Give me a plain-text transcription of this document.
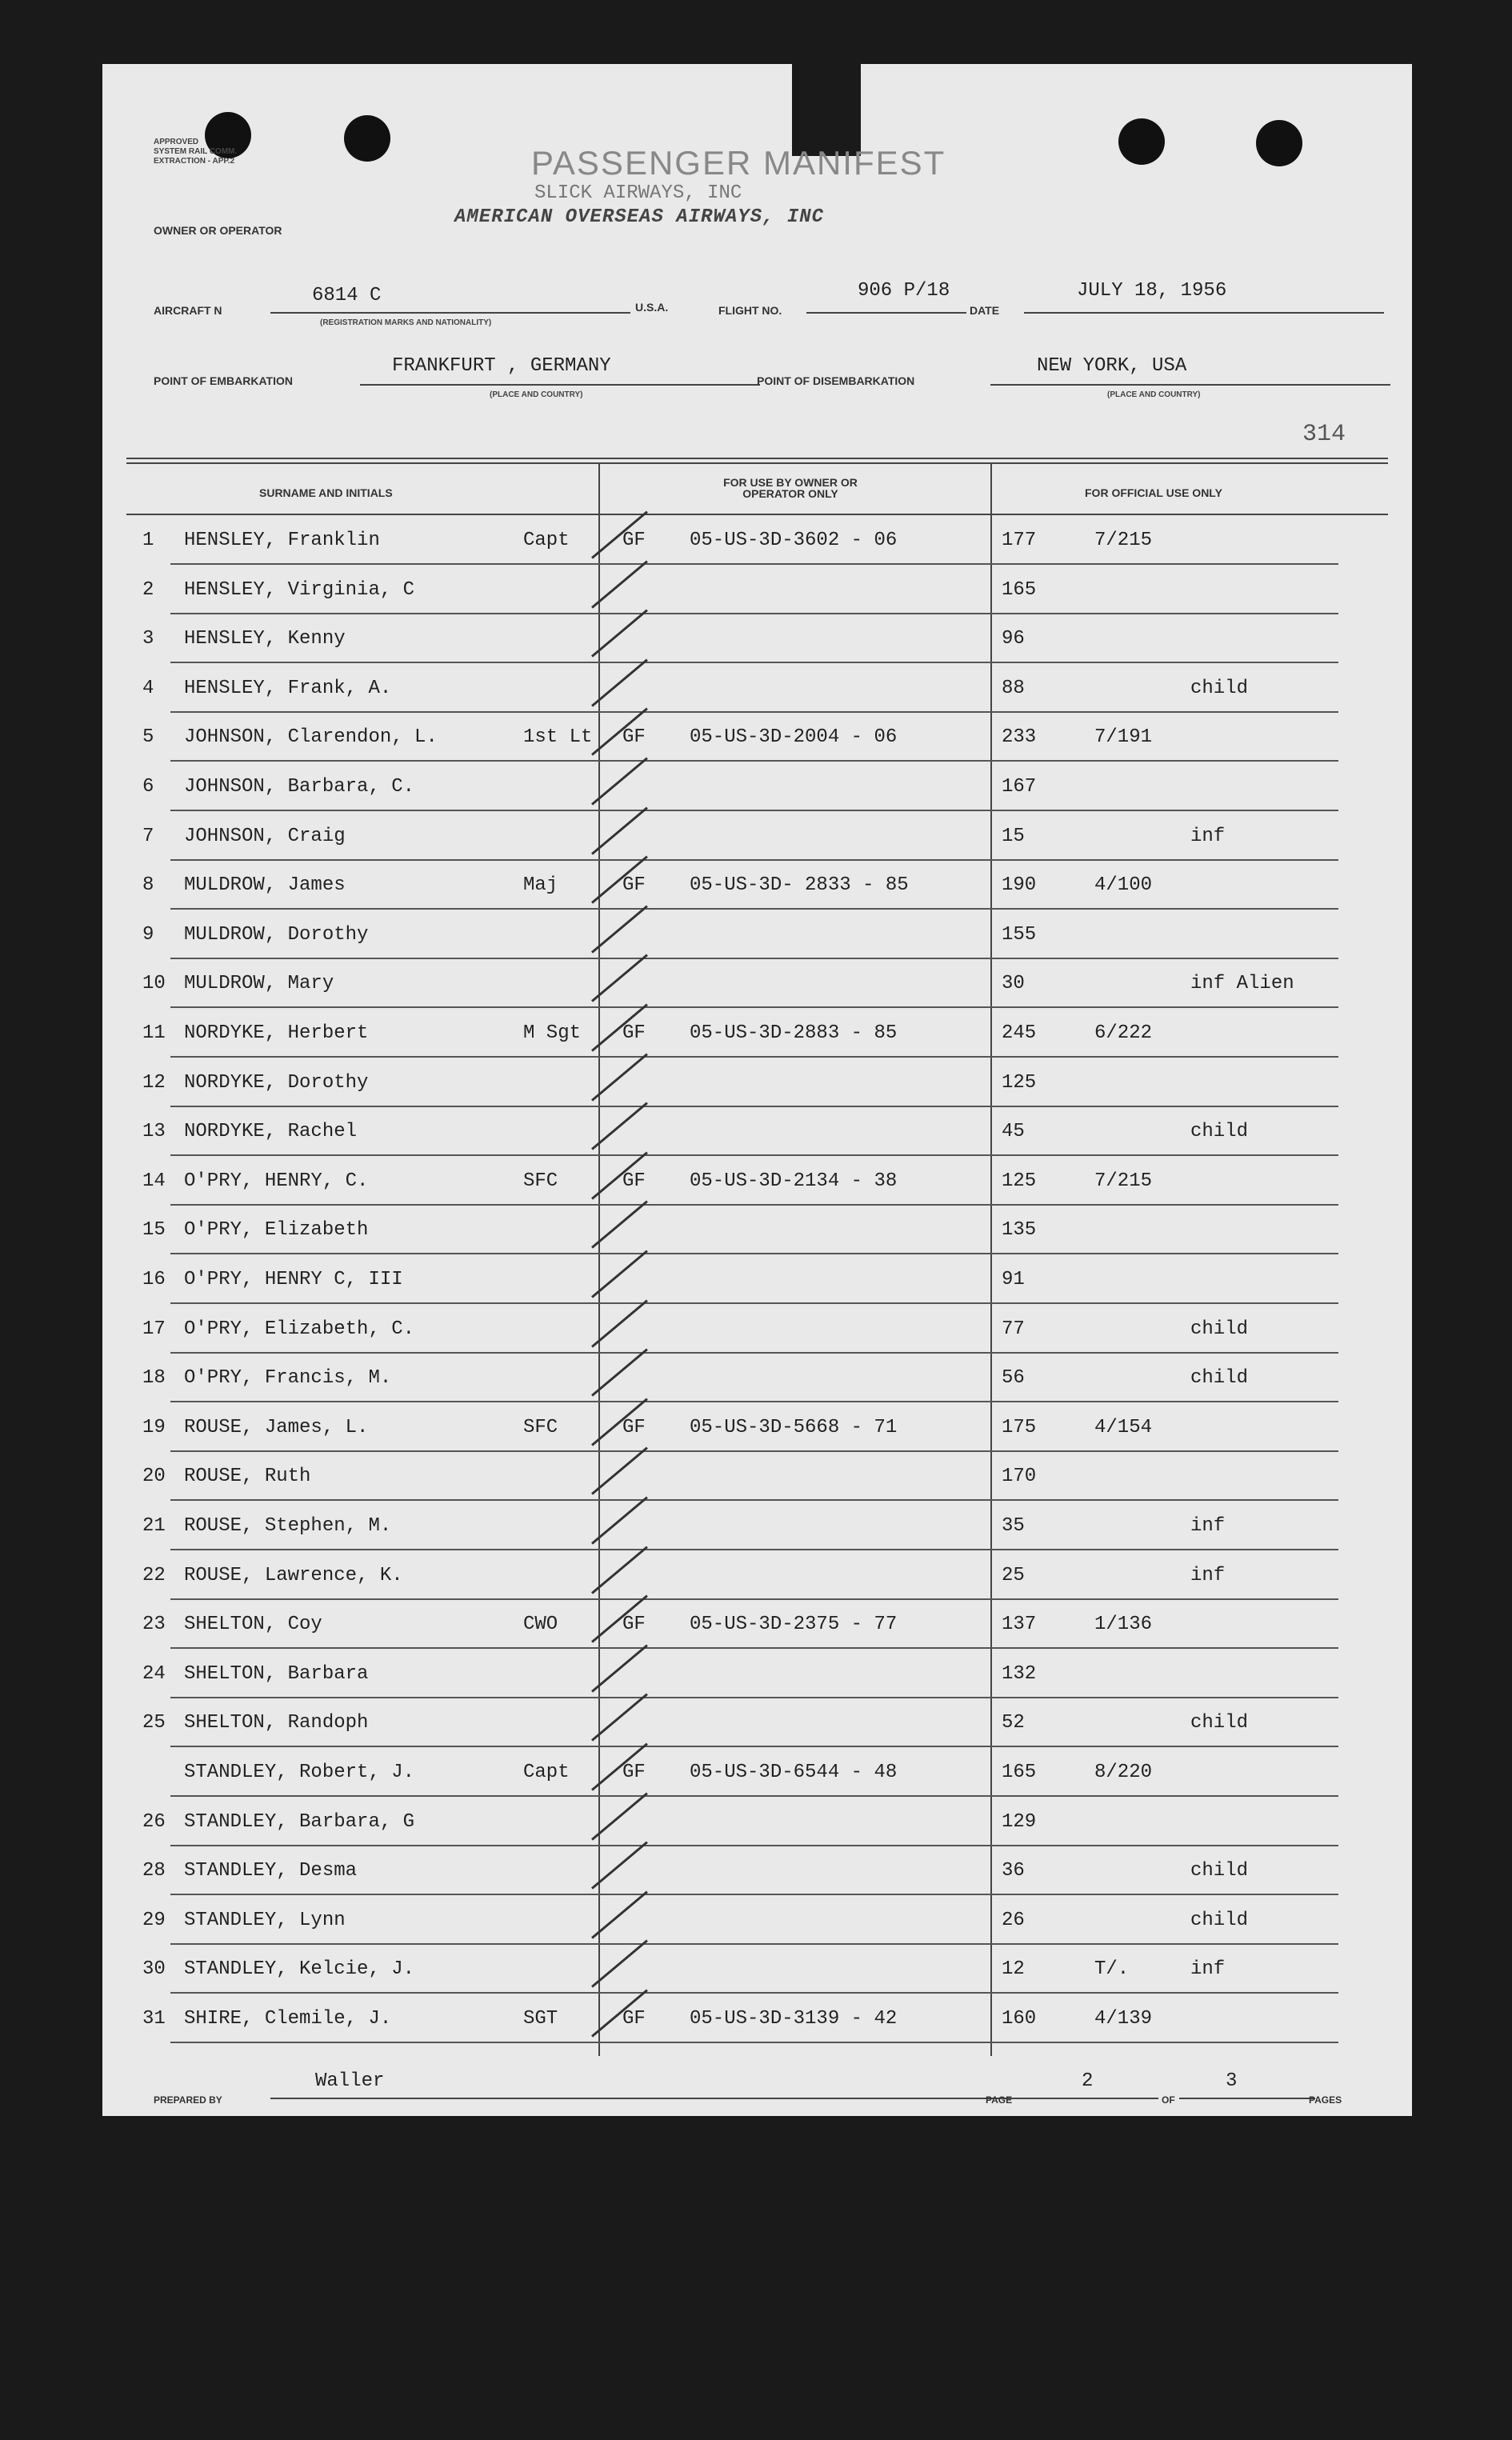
APPROVED
SYSTEM RAIL COMM.
EXTRACTION - APP.2
OWNER OR OPERATOR
PASSENGER MANIFEST
SLICK AIRWAYS, INC
AMERICAN OVERSEAS AIRWAYS, INC
AIRCRAFT N
6814 C
(REGISTRATION MARKS AND NATIONALITY)
U.S.A.	FLIGHT NO.
906 P/18
DATE
JULY 18, 1956
POINT OF EMBARKATION
FRANKFURT , GERMANY
(PLACE AND COUNTRY)
POINT OF DISEMBARKATION
NEW YORK, USA
(PLACE AND COUNTRY)
314
SURNAME AND INITIALS
FOR USE BY OWNER OR OPERATOR ONLY	FOR OFFICIAL USE ONLY
1 HENSLEY, Franklin	Capt	GF 05-US-3D-3602 - 06	177	7/215
2 HENSLEY, Virginia, C	165
3 HENSLEY, Kenny	96
4 HENSLEY, Frank, A.	88	child
5 JOHNSON, Clarendon, L.	1st Lt GF 05-US-3D-2004 - 06	233	7/191
6 JOHNSON, Barbara, C.	167
7 JOHNSON, Craig	15	inf
8 MULDROW, James	Maj	GF 05-US-3D- 2833 - 85	190	4/100
9 MULDROW, Dorothy	155
10 MULDROW, Mary	30	inf Alien
11 NORDYKE, Herbert	M Sgt GF 05-US-3D-2883 - 85	245	6/222
12 NORDYKE, Dorothy	125
13 NORDYKE, Rachel	45	child
14 O'PRY, HENRY, C.	SFC	GF 05-US-3D-2134 - 38	125	7/215
15 O'PRY, Elizabeth	135
16 O'PRY, HENRY C, III	91
17 O'PRY, Elizabeth, C.	77	child
18 O'PRY, Francis, M.	56	child
19 ROUSE, James, L.	SFC	GF 05-US-3D-5668 - 71	175	4/154
20 ROUSE, Ruth	170
21 ROUSE, Stephen, M.	35	inf
22 ROUSE, Lawrence, K.	25	inf
23 SHELTON, Coy	CWO	GF 05-US-3D-2375 - 77	137	1/136
24 SHELTON, Barbara	132
25 SHELTON, Randoph	52	child
STANDLEY, Robert, J.	Capt	GF 05-US-3D-6544 - 48	165	8/220
26 STANDLEY, Barbara, G	129
28 STANDLEY, Desma	36	child
29 STANDLEY, Lynn	26	child
30 STANDLEY, Kelcie, J.	12	T/.	inf
31 SHIRE, Clemile, J.	SGT	GF 05-US-3D-3139 - 42	160	4/139
PREPARED BY
Waller
PAGE
2
OF
3
PAGES
